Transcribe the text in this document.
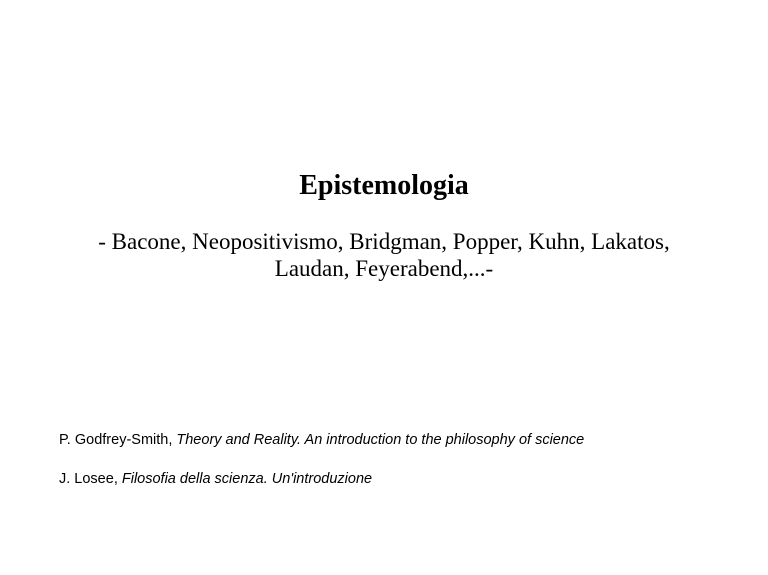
Epistemologia
- Bacone, Neopositivismo, Bridgman, Popper, Kuhn, Lakatos,
Laudan, Feyerabend,...-
P. Godfrey-Smith, Theory and Reality. An introduction to the philosophy of science
J. Losee, Filosofia della scienza. Un'introduzione
